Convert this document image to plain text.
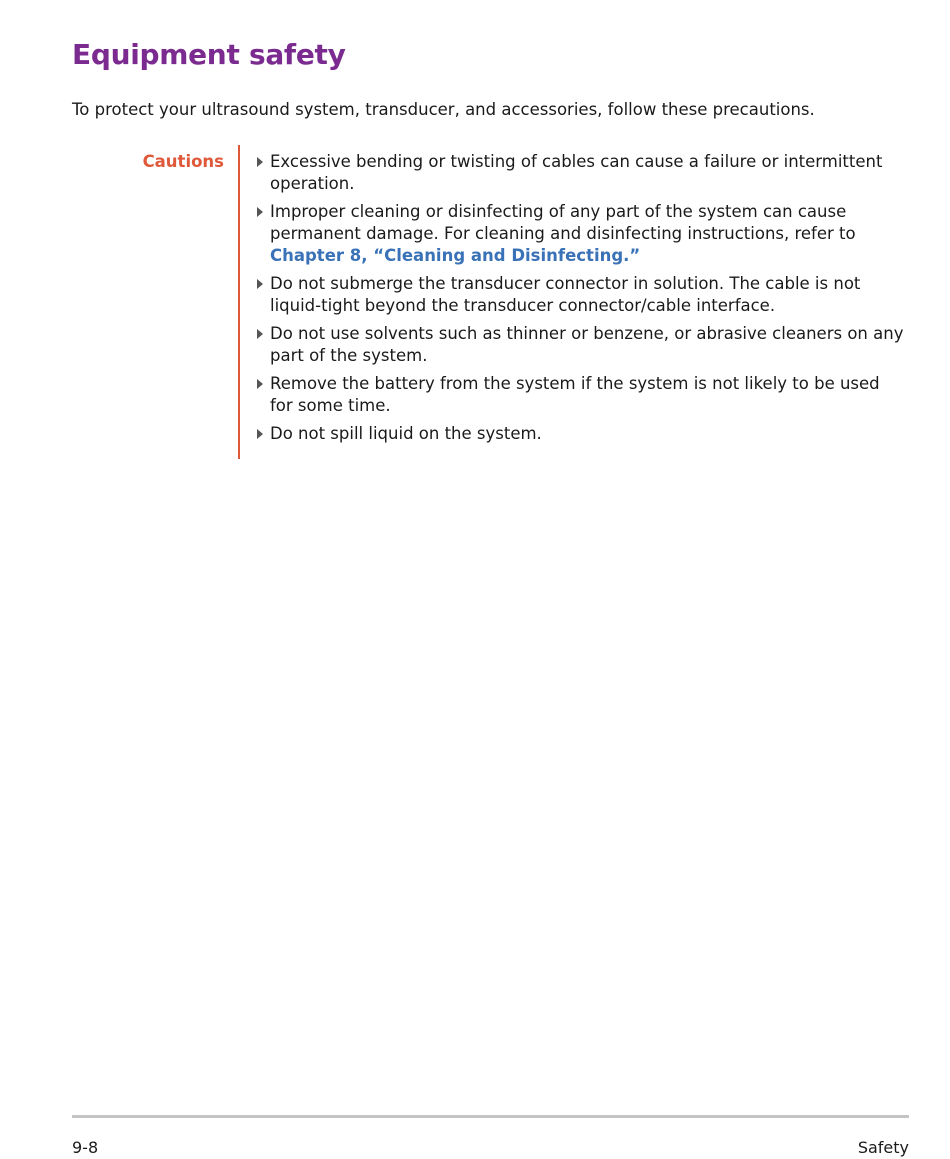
Equipment safety

To protect your ultrasound system, transducer, and accessories, follow these precautions.

Cautions	Excessive bending or twisting of cables can cause a failure or intermittent operation.
Improper cleaning or disinfecting of any part of the system can cause permanent damage. For cleaning and disinfecting instructions, refer to Chapter 8, “Cleaning and Disinfecting.”
Do not submerge the transducer connector in solution. The cable is not liquid-tight beyond the transducer connector/cable interface.
Do not use solvents such as thinner or benzene, or abrasive cleaners on any part of the system.
Remove the battery from the system if the system is not likely to be used for some time.
Do not spill liquid on the system.
9-8	Safety
